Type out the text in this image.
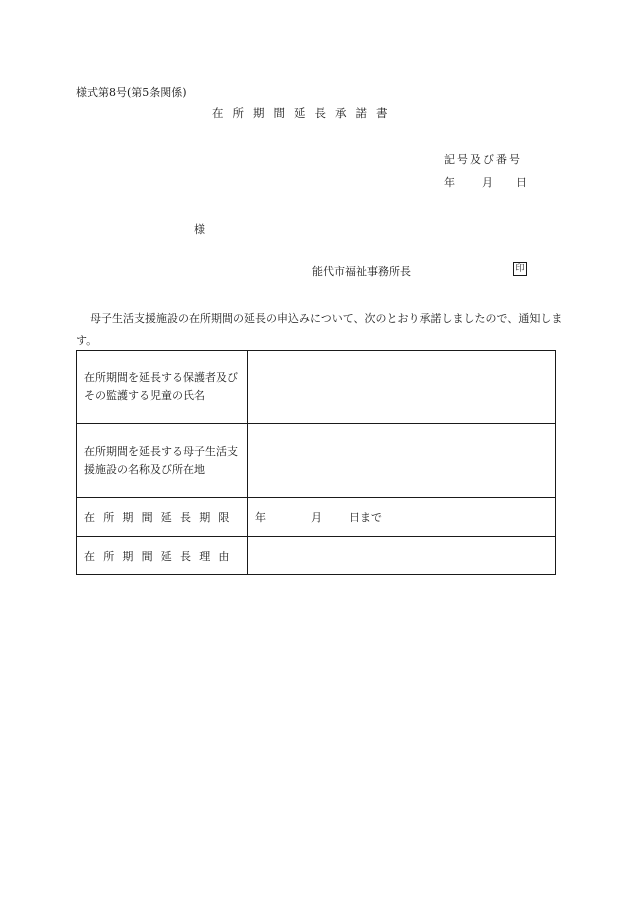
様式第8号(第5条関係)
在所期間延長承諾書
記号及び番号
年 月 日
様
能代市福祉事務所長	印
母子生活支援施設の在所期間の延長の申込みについて、次のとおり承諾しましたので、通知します。
在所期間を延長する保護者及びその監護する児童の氏名	
在所期間を延長する母子生活支援施設の名称及び所在地	
在所期間延長期限	年 月 日まで
在所期間延長理由	
